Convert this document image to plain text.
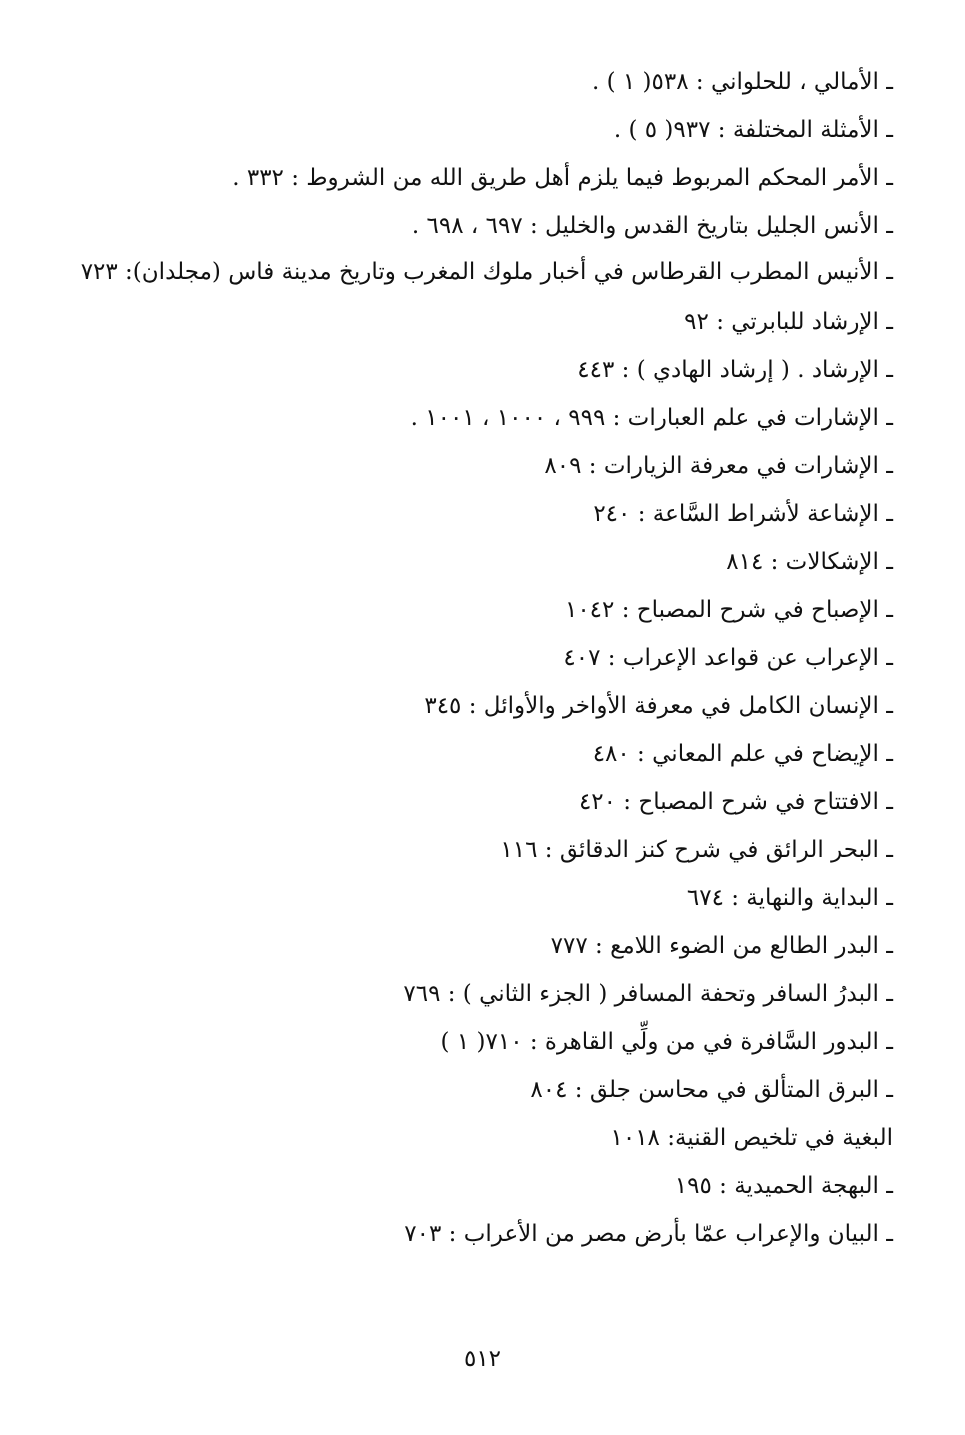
ـ الأمالي ، للحلواني : ٥٣٨( ١ ) .
ـ الأمثلة المختلفة : ٩٣٧( ٥ ) .
ـ الأمر المحكم المربوط فيما يلزم أهل طريق الله من الشروط : ٣٣٢ .
ـ الأنس الجليل بتاريخ القدس والخليل : ٦٩٧ ، ٦٩٨ .
ـ الأنيس المطرب القرطاس في أخبار ملوك المغرب وتاريخ مدينة فاس (مجلدان): ٧٢٣
ـ الإرشاد للبابرتي : ٩٢
ـ الإرشاد . ( إرشاد الهادي ) : ٤٤٣
ـ الإشارات في علم العبارات : ٩٩٩ ، ١٠٠٠ ، ١٠٠١ .
ـ الإشارات في معرفة الزيارات : ٨٠٩
ـ الإشاعة لأشراط السَّاعة : ٢٤٠
ـ الإشكالات : ٨١٤
ـ الإصباح في شرح المصباح : ١٠٤٢
ـ الإعراب عن قواعد الإعراب : ٤٠٧
ـ الإنسان الكامل في معرفة الأواخر والأوائل : ٣٤٥
ـ الإيضاح في علم المعاني : ٤٨٠
ـ الافتتاح في شرح المصباح : ٤٢٠
ـ البحر الرائق في شرح كنز الدقائق : ١١٦
ـ البداية والنهاية : ٦٧٤
ـ البدر الطالع من الضوء اللامع : ٧٧٧
ـ البدرُ السافر وتحفة المسافر ( الجزء الثاني ) : ٧٦٩
ـ البدور السَّافرة في من ولِّي القاهرة : ٧١٠( ١ )
ـ البرق المتألق في محاسن جلق : ٨٠٤
البغية في تلخيص القنية: ١٠١٨
ـ البهجة الحميدية : ١٩٥
ـ البيان والإعراب عمّا بأرض مصر من الأعراب : ٧٠٣
٥١٢
